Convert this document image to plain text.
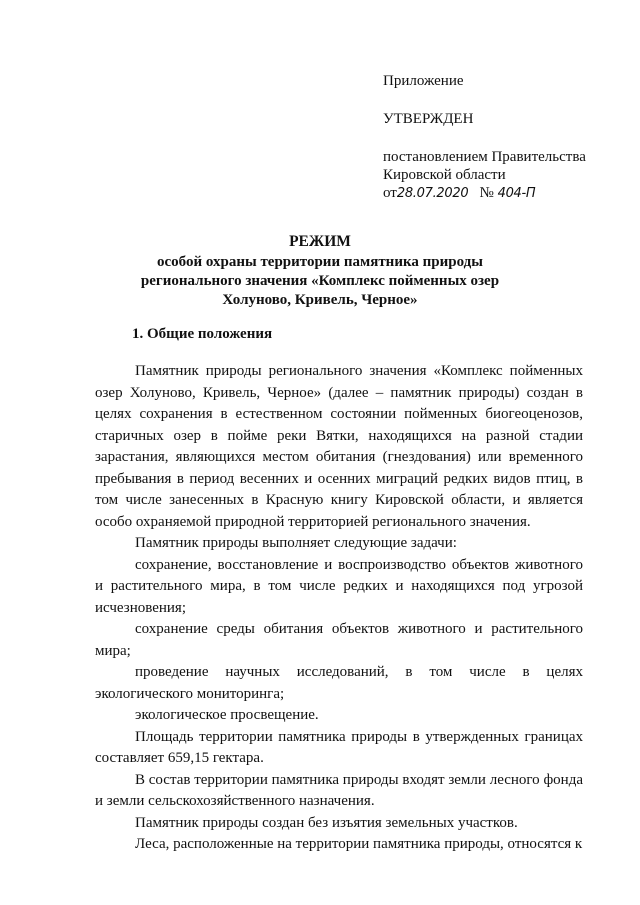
Приложение
УТВЕРЖДЕН
постановлением Правительства
Кировской области
от28.07.2020 № 404-П
РЕЖИМ
особой охраны территории памятника природы
регионального значения «Комплекс пойменных озер
Холуново, Кривель, Черное»
1. Общие положения

Памятник природы регионального значения «Комплекс пойменных озер Холуново, Кривель, Черное» (далее – памятник природы) создан в целях сохранения в естественном состоянии пойменных биогеоценозов, старичных озер в пойме реки Вятки, находящихся на разной стадии зарастания, являющихся местом обитания (гнездования) или временного пребывания в период весенних и осенних миграций редких видов птиц, в том числе занесенных в Красную книгу Кировской области, и является особо охраняемой природной территорией регионального значения.

Памятник природы выполняет следующие задачи:

сохранение, восстановление и воспроизводство объектов животного и растительного мира, в том числе редких и находящихся под угрозой исчезновения;

сохранение среды обитания объектов животного и растительного мира;

проведение научных исследований, в том числе в целях экологического мониторинга;

экологическое просвещение.

Площадь территории памятника природы в утвержденных границах составляет 659,15 гектара.

В состав территории памятника природы входят земли лесного фонда и земли сельскохозяйственного назначения.

Памятник природы создан без изъятия земельных участков.

Леса, расположенные на территории памятника природы, относятся к
